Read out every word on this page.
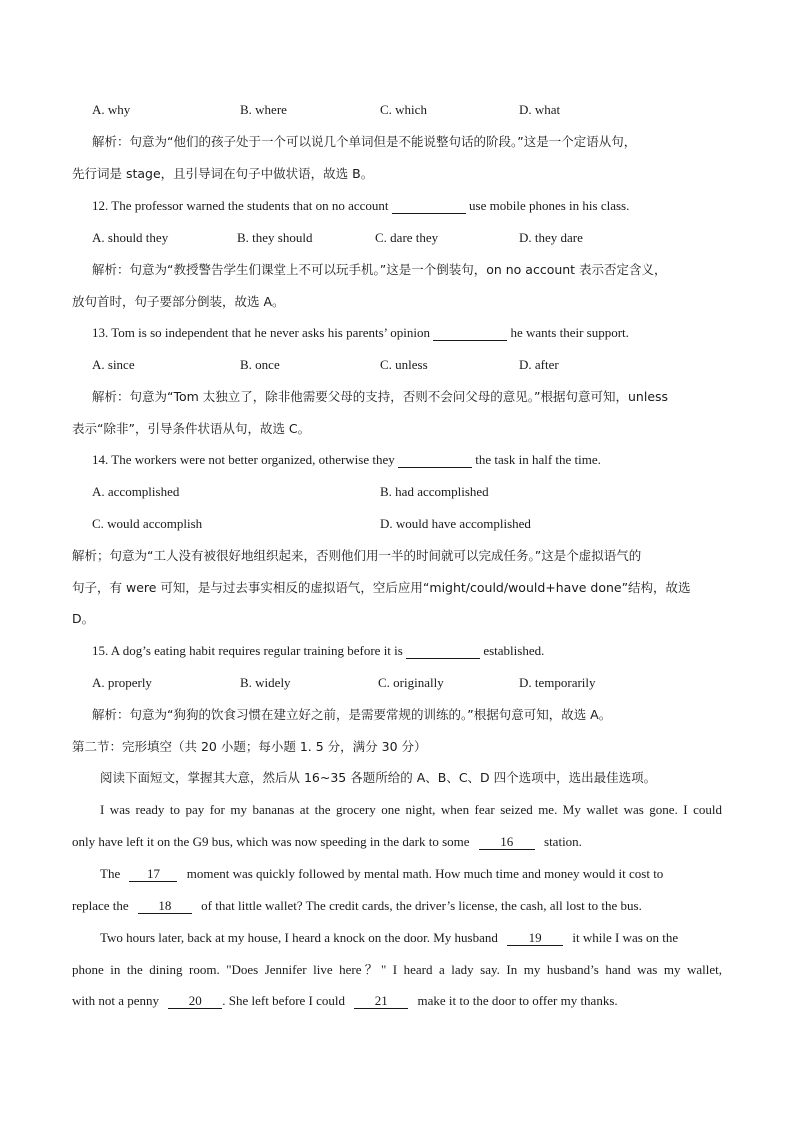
A. why	B. where	C. which	D. what
解析：句意为“他们的孩子处于一个可以说几个单词但是不能说整句话的阶段。”这是一个定语从句，
先行词是 stage，且引导词在句子中做状语，故选 B。
12. The professor warned the students that on no account	use mobile phones in his class.
A. should they	B. they should	C. dare they	D. they dare
解析：句意为“教授警告学生们课堂上不可以玩手机。”这是一个倒装句，on no account 表示否定含义，
放句首时，句子要部分倒装，故选 A。
13. Tom is so independent that he never asks his parents’ opinion	he wants their support.
A. since	B. once	C. unless	D. after
解析：句意为“Tom 太独立了，除非他需要父母的支持，否则不会问父母的意见。”根据句意可知，unless
表示“除非”，引导条件状语从句，故选 C。
14. The workers were not better organized, otherwise they	the task in half the time.
A. accomplished	B. had accomplished
C. would accomplish	D. would have accomplished
解析；句意为“工人没有被很好地组织起来，否则他们用一半的时间就可以完成任务。”这是个虚拟语气的
句子，有 were 可知，是与过去事实相反的虚拟语气，空后应用“might/could/would+have done”结构，故选
D。
15. A dog’s eating habit requires regular training before it is	established.
A. properly	B. widely	C. originally	D. temporarily
解析：句意为“狗狗的饮食习惯在建立好之前，是需要常规的训练的。”根据句意可知，故选 A。
第二节：完形填空（共 20 小题；每小题 1. 5 分，满分 30 分）
阅读下面短文，掌握其大意，然后从 16~35 各题所给的 A、B、C、D 四个选项中，选出最佳选项。
I was ready to pay for my bananas at the grocery one night, when fear seized me. My wallet was gone. I could
only have left it on the G9 bus, which was now speeding in the dark to some 16 station.
The 17 moment was quickly followed by mental math. How much time and money would it cost to
replace the 18 of that little wallet? The credit cards, the driver’s license, the cash, all lost to the bus.
Two hours later, back at my house, I heard a knock on the door. My husband 19 it while I was on the
phone in the dining room. "Does Jennifer live here？" I heard a lady say. In my husband’s hand was my wallet,
with not a penny 20 . She left before I could 21 make it to the door to offer my thanks.
